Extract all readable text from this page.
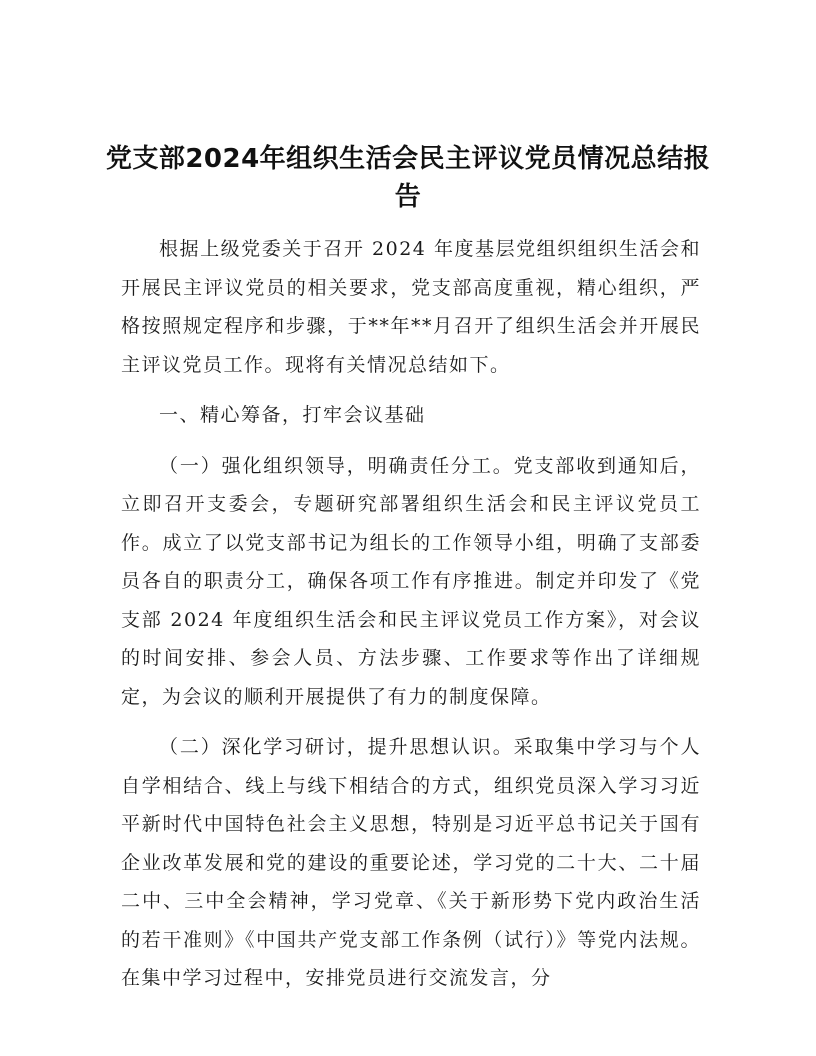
党支部2024年组织生活会民主评议党员情况总结报告

根据上级党委关于召开 2024 年度基层党组织组织生活会和开展民主评议党员的相关要求，党支部高度重视，精心组织，严格按照规定程序和步骤，于**年**月召开了组织生活会并开展民主评议党员工作。现将有关情况总结如下。

一、精心筹备，打牢会议基础

（一）强化组织领导，明确责任分工。党支部收到通知后，立即召开支委会，专题研究部署组织生活会和民主评议党员工作。成立了以党支部书记为组长的工作领导小组，明确了支部委员各自的职责分工，确保各项工作有序推进。制定并印发了《党支部 2024 年度组织生活会和民主评议党员工作方案》，对会议的时间安排、参会人员、方法步骤、工作要求等作出了详细规定，为会议的顺利开展提供了有力的制度保障。

（二）深化学习研讨，提升思想认识。采取集中学习与个人自学相结合、线上与线下相结合的方式，组织党员深入学习习近平新时代中国特色社会主义思想，特别是习近平总书记关于国有企业改革发展和党的建设的重要论述，学习党的二十大、二十届二中、三中全会精神，学习党章、《关于新形势下党内政治生活的若干准则》《中国共产党支部工作条例（试行）》等党内法规。在集中学习过程中，安排党员进行交流发言，分
